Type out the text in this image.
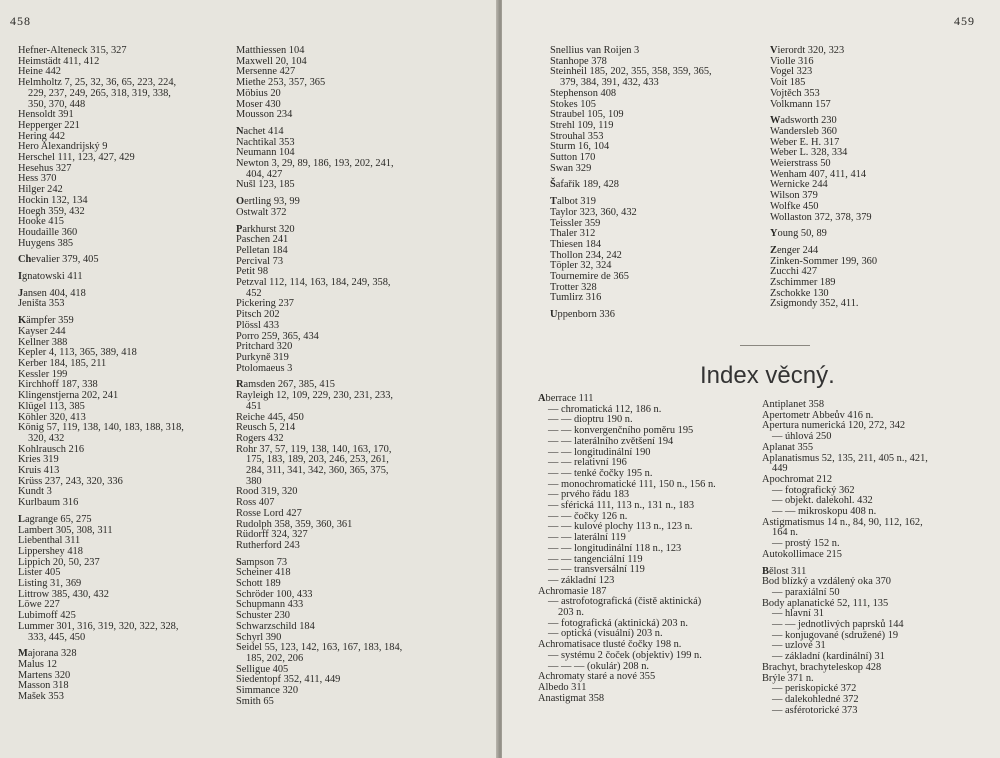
458
Hefner-Alteneck 315, 327
Heimstädt 411, 412
Heine 442
Helmholtz 7, 25, 32, 36, 65, 223, 224,
229, 237, 249, 265, 318, 319, 338,
350, 370, 448
Hensoldt 391
Hepperger 221
Hering 442
Hero Alexandrijský 9
Herschel 111, 123, 427, 429
Hesehus 327
Hess 370
Hilger 242
Hockin 132, 134
Hoegh 359, 432
Hooke 415
Houdaille 360
Huygens 385
Chevalier 379, 405
Ignatowski 411
Jansen 404, 418
Jeništa 353
Kämpfer 359
Kayser 244
Kellner 388
Kepler 4, 113, 365, 389, 418
Kerber 184, 185, 211
Kessler 199
Kirchhoff 187, 338
Klingenstjerna 202, 241
Klügel 113, 385
Köhler 320, 413
König 57, 119, 138, 140, 183, 188, 318,
320, 432
Kohlrausch 216
Kries 319
Kruis 413
Krüss 237, 243, 320, 336
Kundt 3
Kurlbaum 316
Lagrange 65, 275
Lambert 305, 308, 311
Liebenthal 311
Lippershey 418
Lippich 20, 50, 237
Lister 405
Listing 31, 369
Littrow 385, 430, 432
Löwe 227
Lubimoff 425
Lummer 301, 316, 319, 320, 322, 328,
333, 445, 450
Majorana 328
Malus 12
Martens 320
Masson 318
Mašek 353
Matthiessen 104
Maxwell 20, 104
Mersenne 427
Miethe 253, 357, 365
Möbius 20
Moser 430
Mousson 234
Nachet 414
Nachtikal 353
Neumann 104
Newton 3, 29, 89, 186, 193, 202, 241,
404, 427
Nušl 123, 185
Oertling 93, 99
Ostwalt 372
Parkhurst 320
Paschen 241
Pelletan 184
Percival 73
Petit 98
Petzval 112, 114, 163, 184, 249, 358,
452
Pickering 237
Pitsch 202
Plössl 433
Porro 259, 365, 434
Pritchard 320
Purkyně 319
Ptolomaeus 3
Ramsden 267, 385, 415
Rayleigh 12, 109, 229, 230, 231, 233,
451
Reiche 445, 450
Reusch 5, 214
Rogers 432
Rohr 37, 57, 119, 138, 140, 163, 170,
175, 183, 189, 203, 246, 253, 261,
284, 311, 341, 342, 360, 365, 375,
380
Rood 319, 320
Ross 407
Rosse Lord 427
Rudolph 358, 359, 360, 361
Rüdorff 324, 327
Rutherford 243
Sampson 73
Scheiner 418
Schott 189
Schröder 100, 433
Schupmann 433
Schuster 230
Schwarzschild 184
Schyrl 390
Seidel 55, 123, 142, 163, 167, 183, 184,
185, 202, 206
Selligue 405
Siedentopf 352, 411, 449
Simmance 320
Smith 65
459
Snellius van Roijen 3
Stanhope 378
Steinheil 185, 202, 355, 358, 359, 365,
379, 384, 391, 432, 433
Stephenson 408
Stokes 105
Straubel 105, 109
Strehl 109, 119
Strouhal 353
Sturm 16, 104
Sutton 170
Swan 329
Šafařík 189, 428
Talbot 319
Taylor 323, 360, 432
Teissler 359
Thaler 312
Thiesen 184
Thollon 234, 242
Töpler 32, 324
Tournemire de 365
Trotter 328
Tumlirz 316
Uppenborn 336
Vierordt 320, 323
Violle 316
Vogel 323
Voit 185
Vojtěch 353
Volkmann 157
Wadsworth 230
Wandersleb 360
Weber E. H. 317
Weber L. 328, 334
Weierstrass 50
Wenham 407, 411, 414
Wernicke 244
Wilson 379
Wolfke 450
Wollaston 372, 378, 379
Young 50, 89
Zenger 244
Zinken-Sommer 199, 360
Zucchi 427
Zschimmer 189
Zschokke 130
Zsigmondy 352, 411.
Aberrace 111
— chromatická 112, 186 n.
— — dioptru 190 n.
— — konvergenčního poměru 195
— — laterálního zvětšení 194
— — longitudinální 190
— — relativní 196
— — tenké čočky 195 n.
— monochromatické 111, 150 n., 156 n.
— prvého řádu 183
— sférická 111, 113 n., 131 n., 183
— — čočky 126 n.
— — kulové plochy 113 n., 123 n.
— — laterální 119
— — longitudinální 118 n., 123
— — tangenciální 119
— — transversální 119
— základní 123
Achromasie 187
— astrofotografická (čistě aktinická)
203 n.
— fotografická (aktinická) 203 n.
— optická (visuální) 203 n.
Achromatisace tlusté čočky 198 n.
— systému 2 čoček (objektiv) 199 n.
— — — (okulár) 208 n.
Achromaty staré a nové 355
Albedo 311
Anastigmat 358
Antiplanet 358
Apertometr Abbeův 416 n.
Apertura numerická 120, 272, 342
— úhlová 250
Aplanat 355
Aplanatismus 52, 135, 211, 405 n., 421,
449
Apochromat 212
— fotografický 362
— objekt. dalekohl. 432
— — mikroskopu 408 n.
Astigmatismus 14 n., 84, 90, 112, 162,
164 n.
— prostý 152 n.
Autokollimace 215
Bělost 311
Bod blízký a vzdálený oka 370
— paraxiální 50
Body aplanatické 52, 111, 135
— hlavní 31
— — jednotlivých paprsků 144
— konjugované (sdružené) 19
— uzlové 31
— základní (kardinální) 31
Brachyt, brachyteleskop 428
Brýle 371 n.
— periskopické 372
— dalekohledné 372
— asférotorické 373
Index věcný.
